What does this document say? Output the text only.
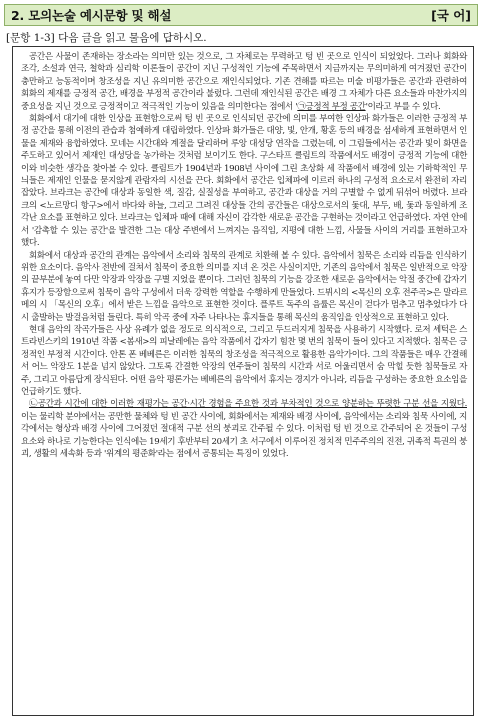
2. 모의논술 예시문항 및 해설	[국 어]
[문항 1-3] 다음 글을 읽고 물음에 답하시오.

공간은 사물이 존재하는 장소라는 의미만 있는 것으로, 그 자체로는 무력하고 텅 빈 곳으로 인식이 되었었다. 그러나 회화와 조각, 소설과 연극, 철학과 심리학 이론들이 공간이 지닌 구성적인 기능에 주목하면서 지금까지는 무의미하게 여겨졌던 공간이 충만하고 능동적이며 창조성을 지닌 유의미한 공간으로 재인식되었다. 기존 견해를 따르는 미술 비평가들은 공간과 관련하여 회화의 제재를 긍정적 공간, 배경을 부정적 공간이라 불렀다. 그런데 재인식된 공간은 배경 그 자체가 다른 요소들과 마찬가지의 중요성을 지닌 것으로 긍정적이고 적극적인 기능이 있음을 의미한다는 점에서 '㉠긍정적 부정 공간'이라고 부를 수 있다.

회화에서 대기에 대한 인상을 표현함으로써 텅 빈 곳으로 인식되던 공간에 의미를 부여한 인상파 화가들은 이러한 긍정적 부정 공간을 통해 이전의 관습과 첨예하게 대립하였다. 인상파 화가들은 대양, 빛, 안개, 황혼 등의 배경을 섬세하게 표현하면서 인물을 제재와 융합하였다. 모네는 시간대와 계절을 달리하며 루앙 대성당 연작을 그렸는데, 이 그림들에서는 공간과 빛이 화면을 주도하고 있어서 제재인 대성당을 농가하는 것처럼 보이기도 한다. 구스타프 클림트의 작품에서도 배경이 긍정적 기능에 대한 이와 비슷한 생각을 찾아볼 수 있다. 클림트가 1904년과 1908년 사이에 그린 초상화 세 작품에서 배경에 있는 기하학적인 무늬들은 제재인 인물을 묻지않게 관람자의 시선을 끈다. 회화에서 공간은 입체파에 이르러 하나의 구성적 요소로서 완전히 자리 잡았다. 브라크는 공간에 대상과 동일한 색, 질감, 실질성을 부여하고, 공간과 대상을 거의 구별할 수 없게 뒤섞어 버렸다. 브라크의 <노르망디 항구>에서 바다와 하늘, 그리고 그려진 대상들 간의 공간들은 대상으로서의 돛대, 부두, 배, 돛과 동일하게 조각난 요소를 표현하고 있다. 브라크는 입체파 때에 대해 자신이 감각한 새로운 공간을 구현하는 것이라고 언급하였다. 자연 안에서 '감촉할 수 있는 공간'을 발견한 그는 대상 주변에서 느껴지는 음직임, 지평에 대한 느낌, 사물들 사이의 거리를 표현하고자 했다.

회화에서 대상과 공간의 관계는 음악에서 소리와 침묵의 관계로 치환해 볼 수 있다. 음악에서 침묵은 소리와 리듬을 인식하기 위한 요소이다. 음악사 전반에 걸쳐서 침묵이 중요한 의미를 지녀 온 것은 사실이지만, 기존의 음악에서 침묵은 일반적으로 악장의 끝부분에 놓여 다만 악장과 악장을 구별 지었을 뿐이다. 그러던 침묵의 기능을 강조한 새로운 음악에서는 악절 중간에 갑자기 휴지가 등장함으로써 침묵이 음악 구성에서 더욱 강력한 역할을 수행하게 만들었다. 드뷔시의 <목신의 오후 전주곡>은 말라르메의 시 「목신의 오후」에서 받은 느낌을 음악으로 표현한 것이다. 플루트 독주의 음률은 목신이 걷다가 멈추고 멈추었다가 다시 출발하는 발걸음처럼 들린다. 특히 악곡 중에 자주 나타나는 휴지들을 통해 목신의 움직임을 인상적으로 표현하고 있다.

현대 음악의 작곡가들은 사상 유례가 없을 정도로 의식적으로, 그리고 두드러지게 침묵을 사용하기 시작했다. 로저 셰턱은 스트라빈스키의 1910년 작품 <봄새>의 피날레에는 음악 작품에서 갑자기 힘찬 몇 번의 침묵이 들어 있다고 지적했다. 침묵은 긍정적인 부정적 시간이다. 안톤 폰 베베른은 이러한 침묵의 창조성을 적극적으로 활용한 음악가이다. 그의 작품들은 매우 간결해서 어느 악장도 1분을 넘지 않았다. 그토록 간결한 악장의 연주들이 침묵의 시간과 서로 어울리면서 숨 막힐 듯한 침묵들로 자주, 그리고 아름답게 장식된다. 어떤 음악 평론가는 베베른의 음악에서 휴지는 경지가 아니라, 리듬을 구성하는 중요한 요소임을 언급하기도 했다.

㉡공간과 시간에 대한 이러한 재평가는 공간·시간 경험을 주요한 것과 부차적인 것으로 양분하는 뚜렷한 구분 선을 지웠다. 이는 물리학 분야에서는 공만한 물체와 텅 빈 공간 사이에, 회화에서는 제재와 배경 사이에, 음악에서는 소리와 침묵 사이에, 지각에서는 형상과 배경 사이에 그어졌던 절대적 구분 선의 붕괴로 간주될 수 있다. 이처럼 텅 빈 것으로 간주되어 온 것들이 구성 요소와 하나로 기능한다는 인식에는 19세기 후반부터 20세기 초 서구에서 이루어진 정치적 민주주의의 진전, 귀족적 특권의 붕괴, 생활의 세속화 등과 '위계의 평준화'라는 점에서 공통되는 특징이 있었다.
